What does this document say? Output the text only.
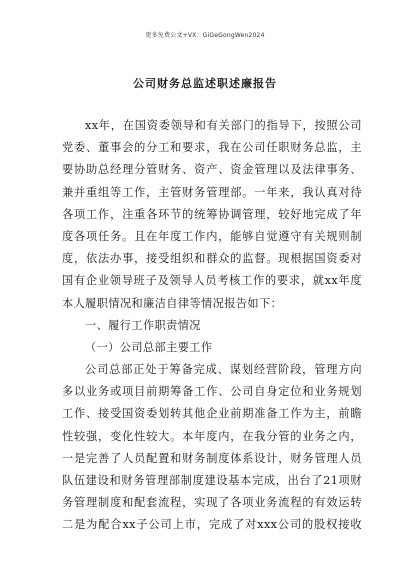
更多免费公文+VX：GiGeGongWen2024
公司财务总监述职述廉报告
xx年，在国资委领导和有关部门的指导下，按照公司
党委、董事会的分工和要求，我在公司任职财务总监，主
要协助总经理分管财务、资产、资金管理以及法律事务、
兼并重组等工作，主管财务管理部。一年来，我认真对待
各项工作，注重各环节的统筹协调管理，较好地完成了年
度各项任务。且在年度工作内，能够自觉遵守有关规则制
度，依法办事，接受组织和群众的监督。现根据国资委对
国有企业领导班子及领导人员考核工作的要求，就xx年度
本人履职情况和廉洁自律等情况报告如下：
一、履行工作职责情况
（一）公司总部主要工作
公司总部正处于筹备完成、谋划经营阶段，管理方向
多以业务或项目前期筹备工作、公司自身定位和业务规划
工作、接受国资委划转其他企业前期准备工作为主，前瞻
性较强，变化性较大。本年度内，在我分管的业务之内，
一是完善了人员配置和财务制度体系设计，财务管理人员
队伍建设和财务管理部制度建设基本完成，出台了21项财
务管理制度和配套流程，实现了各项业务流程的有效运转
二是为配合xx子公司上市，完成了对xxx公司的股权接收
